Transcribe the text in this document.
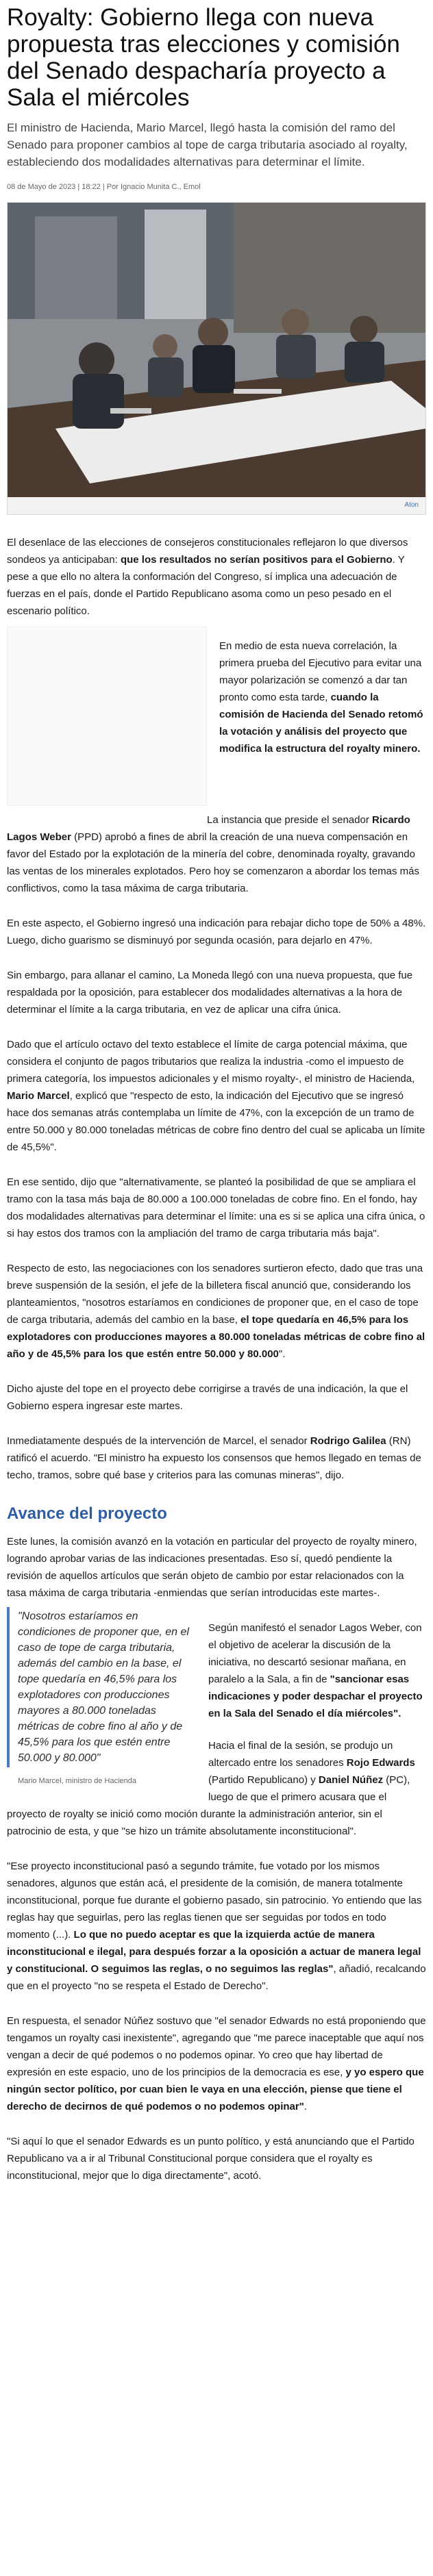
Royalty: Gobierno llega con nueva propuesta tras elecciones y comisión del Senado despacharía proyecto a Sala el miércoles

El ministro de Hacienda, Mario Marcel, llegó hasta la comisión del ramo del Senado para proponer cambios al tope de carga tributaria asociado al royalty, estableciendo dos modalidades alternativas para determinar el límite.

08 de Mayo de 2023 | 18:22 | Por Ignacio Munita C., Emol

Aton

El desenlace de las elecciones de consejeros constitucionales reflejaron lo que diversos sondeos ya anticipaban: que los resultados no serían positivos para el Gobierno. Y pese a que ello no altera la conformación del Congreso, sí implica una adecuación de fuerzas en el país, donde el Partido Republicano asoma como un peso pesado en el escenario político.

En medio de esta nueva correlación, la primera prueba del Ejecutivo para evitar una mayor polarización se comenzó a dar tan pronto como esta tarde, cuando la comisión de Hacienda del Senado retomó la votación y análisis del proyecto que modifica la estructura del royalty minero.

La instancia que preside el senador Ricardo Lagos Weber (PPD) aprobó a fines de abril la creación de una nueva compensación en favor del Estado por la explotación de la minería del cobre, denominada royalty, gravando las ventas de los minerales explotados. Pero hoy se comenzaron a abordar los temas más conflictivos, como la tasa máxima de carga tributaria.

En este aspecto, el Gobierno ingresó una indicación para rebajar dicho tope de 50% a 48%. Luego, dicho guarismo se disminuyó por segunda ocasión, para dejarlo en 47%.

Sin embargo, para allanar el camino, La Moneda llegó con una nueva propuesta, que fue respaldada por la oposición, para establecer dos modalidades alternativas a la hora de determinar el límite a la carga tributaria, en vez de aplicar una cifra única.

Dado que el artículo octavo del texto establece el límite de carga potencial máxima, que considera el conjunto de pagos tributarios que realiza la industria -como el impuesto de primera categoría, los impuestos adicionales y el mismo royalty-, el ministro de Hacienda, Mario Marcel, explicó que "respecto de esto, la indicación del Ejecutivo que se ingresó hace dos semanas atrás contemplaba un límite de 47%, con la excepción de un tramo de entre 50.000 y 80.000 toneladas métricas de cobre fino dentro del cual se aplicaba un límite de 45,5%".

En ese sentido, dijo que "alternativamente, se planteó la posibilidad de que se ampliara el tramo con la tasa más baja de 80.000 a 100.000 toneladas de cobre fino. En el fondo, hay dos modalidades alternativas para determinar el límite: una es si se aplica una cifra única, o si hay estos dos tramos con la ampliación del tramo de carga tributaria más baja".

Respecto de esto, las negociaciones con los senadores surtieron efecto, dado que tras una breve suspensión de la sesión, el jefe de la billetera fiscal anunció que, considerando los planteamientos, "nosotros estaríamos en condiciones de proponer que, en el caso de tope de carga tributaria, además del cambio en la base, el tope quedaría en 46,5% para los explotadores con producciones mayores a 80.000 toneladas métricas de cobre fino al año y de 45,5% para los que estén entre 50.000 y 80.000".

Dicho ajuste del tope en el proyecto debe corrigirse a través de una indicación, la que el Gobierno espera ingresar este martes.

Inmediatamente después de la intervención de Marcel, el senador Rodrigo Galilea (RN) ratificó el acuerdo. "El ministro ha expuesto los consensos que hemos llegado en temas de techo, tramos, sobre qué base y criterios para las comunas mineras", dijo.

Avance del proyecto

Este lunes, la comisión avanzó en la votación en particular del proyecto de royalty minero, logrando aprobar varias de las indicaciones presentadas. Eso sí, quedó pendiente la revisión de aquellos artículos que serán objeto de cambio por estar relacionados con la tasa máxima de carga tributaria -enmiendas que serían introducidas este martes-.

"Nosotros estaríamos en condiciones de proponer que, en el caso de tope de carga tributaria, además del cambio en la base, el tope quedaría en 46,5% para los explotadores con producciones mayores a 80.000 toneladas métricas de cobre fino al año y de 45,5% para los que estén entre 50.000 y 80.000"

Mario Marcel, ministro de Hacienda

Según manifestó el senador Lagos Weber, con el objetivo de acelerar la discusión de la iniciativa, no descartó sesionar mañana, en paralelo a la Sala, a fin de "sancionar esas indicaciones y poder despachar el proyecto en la Sala del Senado el día miércoles".

Hacia el final de la sesión, se produjo un altercado entre los senadores Rojo Edwards (Partido Republicano) y Daniel Núñez (PC), luego de que el primero acusara que el proyecto de royalty se inició como moción durante la administración anterior, sin el patrocinio de esta, y que "se hizo un trámite absolutamente inconstitucional".

"Ese proyecto inconstitucional pasó a segundo trámite, fue votado por los mismos senadores, algunos que están acá, el presidente de la comisión, de manera totalmente inconstitucional, porque fue durante el gobierno pasado, sin patrocinio. Yo entiendo que las reglas hay que seguirlas, pero las reglas tienen que ser seguidas por todos en todo momento (...). Lo que no puedo aceptar es que la izquierda actúe de manera inconstitucional e ilegal, para después forzar a la oposición a actuar de manera legal y constitucional. O seguimos las reglas, o no seguimos las reglas", añadió, recalcando que en el proyecto "no se respeta el Estado de Derecho".

En respuesta, el senador Núñez sostuvo que "el senador Edwards no está proponiendo que tengamos un royalty casi inexistente", agregando que "me parece inaceptable que aquí nos vengan a decir de qué podemos o no podemos opinar. Yo creo que hay libertad de expresión en este espacio, uno de los principios de la democracia es ese, y yo espero que ningún sector político, por cuan bien le vaya en una elección, piense que tiene el derecho de decirnos de qué podemos o no podemos opinar".

"Si aquí lo que el senador Edwards es un punto político, y está anunciando que el Partido Republicano va a ir al Tribunal Constitucional porque considera que el royalty es inconstitucional, mejor que lo diga directamente", acotó.
